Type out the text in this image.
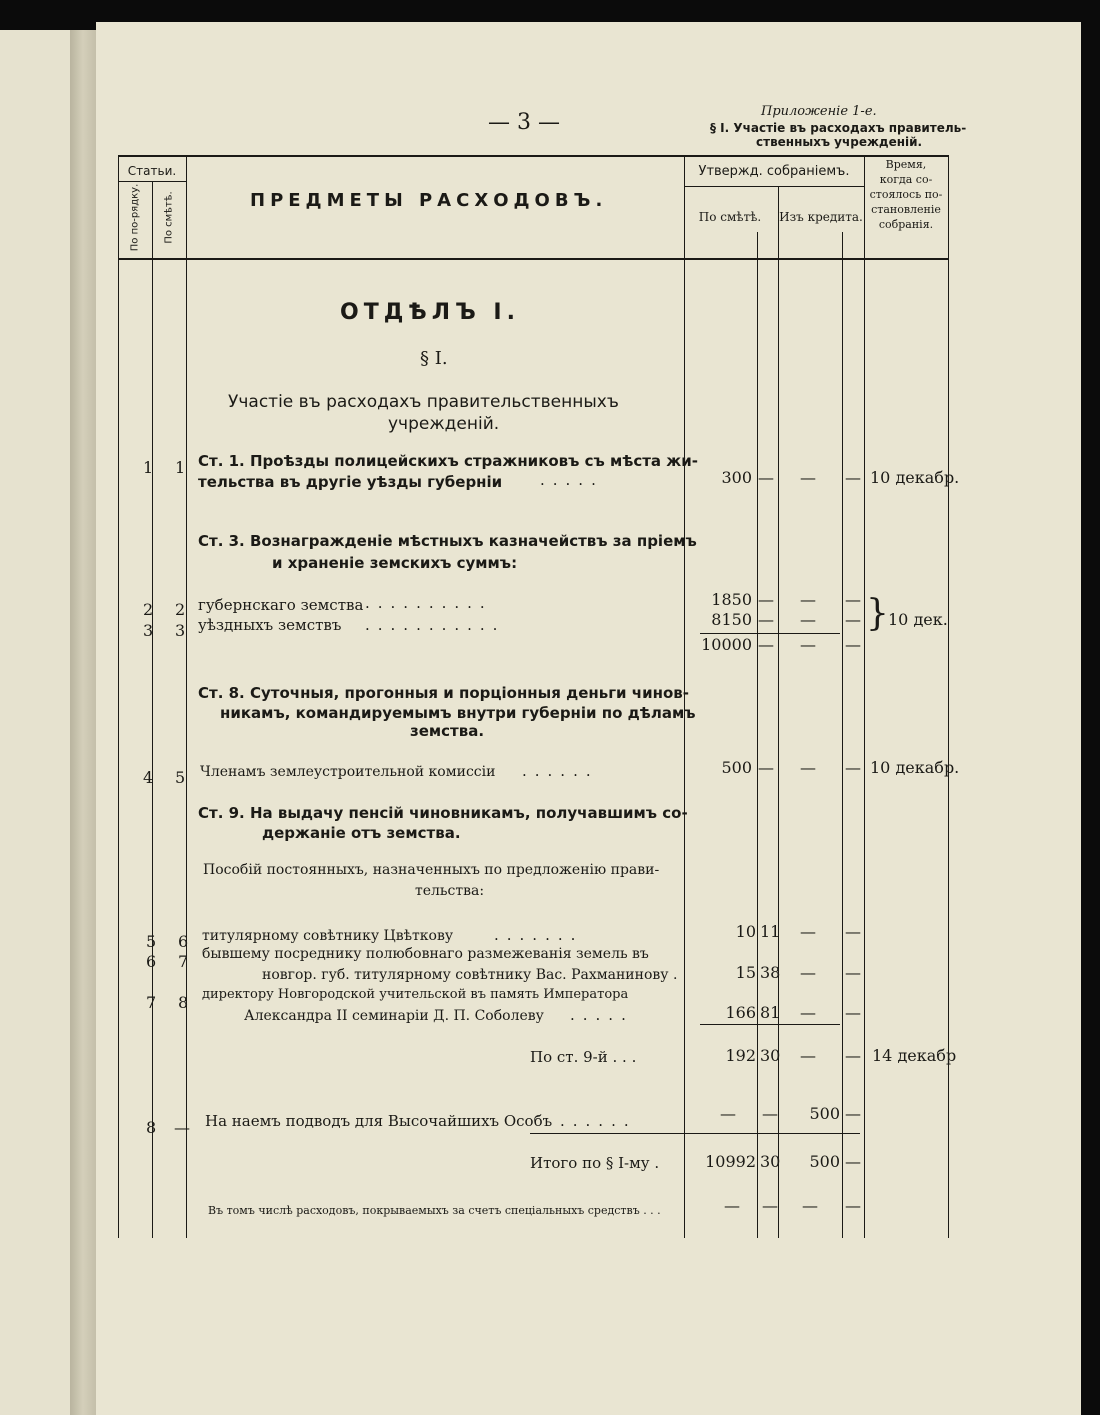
— 3 —	Приложеніе 1-е.
§ I. Участіе въ расходахъ правитель-
ственныхъ учрежденій.
Статьи.
По по-рядку. По смѣтѣ.	ПРЕДМЕТЫ РАСХОДОВЪ.
Утвержд. собраніемъ.
По смѣтѣ.	Изъ кредита.
Время,
когда со-
стоялось по-
становленіе
собранія.
ОТДѢЛЪ I.
§ I.
Участіе въ расходахъ правительственныхъ
учрежденій.
1 1 Ст. 1. Проѣзды полицейскихъ стражниковъ съ мѣста жи-
тельства въ другіе уѣзды губерніи	.....	300 — — — 10 декабр.
Ст. 3. Вознагражденіе мѣстныхъ казначействъ за пріемъ
и храненіе земскихъ суммъ:
2 2 губернскаго земства ..........	1850 — — —
3 3 уѣздныхъ земствъ ...........	8150 — — — } 10 дек.
10000 — — —
Ст. 8. Суточныя, прогонныя и порціонныя деньги чинов-
никамъ, командируемымъ внутри губерніи по дѣламъ
земства.
4 5 Членамъ землеустроительной комиссіи ......	500 — — — 10 декабр.
Ст. 9. На выдачу пенсій чиновникамъ, получавшимъ со-
держаніе отъ земства.
Пособій постоянныхъ, назначенныхъ по предложенію прави-
тельства:
5 6 титулярному совѣтнику Цвѣткову	.......	10 11 — —
6 7 бывшему посреднику полюбовнаго размежеванія земель въ
новгор. губ. титулярному совѣтнику Вас. Рахманинову .	15 38 — —
7 8 директору Новгородской учительской въ память Императора
Александра II семинаріи Д. П. Соболеву .....	166 81 — —
По ст. 9-й . . .	192 30 — — 14 декабр
8 — На наемъ подводъ для Высочайшихъ Особъ ......	— —	500 —
Итого по § I-му .	10992 30	500 —
Въ томъ числѣ расходовъ, покрываемыхъ за счетъ спеціальныхъ средствъ . . .	— — — —
